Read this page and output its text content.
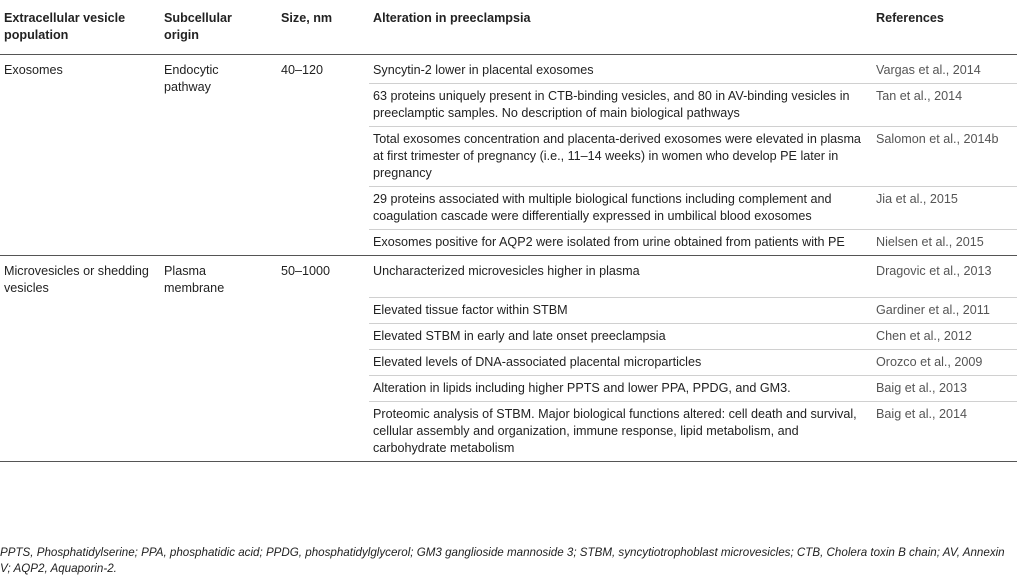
Extracellular vesicle population	Subcellular origin	Size, nm	Alteration in preeclampsia	References
Exosomes	Endocytic pathway	40–120	Syncytin-2 lower in placental exosomes	Vargas et al., 2014
			63 proteins uniquely present in CTB-binding vesicles, and 80 in AV-binding vesicles in preeclamptic samples. No description of main biological pathways	Tan et al., 2014
			Total exosomes concentration and placenta-derived exosomes were elevated in plasma at first trimester of pregnancy (i.e., 11–14 weeks) in women who develop PE later in pregnancy	Salomon et al., 2014b
			29 proteins associated with multiple biological functions including complement and coagulation cascade were differentially expressed in umbilical blood exosomes	Jia et al., 2015
			Exosomes positive for AQP2 were isolated from urine obtained from patients with PE	Nielsen et al., 2015
Microvesicles or shedding vesicles	Plasma membrane	50–1000	Uncharacterized microvesicles higher in plasma	Dragovic et al., 2013
			Elevated tissue factor within STBM	Gardiner et al., 2011
			Elevated STBM in early and late onset preeclampsia	Chen et al., 2012
			Elevated levels of DNA-associated placental microparticles	Orozco et al., 2009
			Alteration in lipids including higher PPTS and lower PPA, PPDG, and GM3.	Baig et al., 2013
			Proteomic analysis of STBM. Major biological functions altered: cell death and survival, cellular assembly and organization, immune response, lipid metabolism, and carbohydrate metabolism	Baig et al., 2014
PPTS, Phosphatidylserine; PPA, phosphatidic acid; PPDG, phosphatidylglycerol; GM3 ganglioside mannoside 3; STBM, syncytiotrophoblast microvesicles; CTB, Cholera toxin B chain; AV, Annexin V; AQP2, Aquaporin-2.
